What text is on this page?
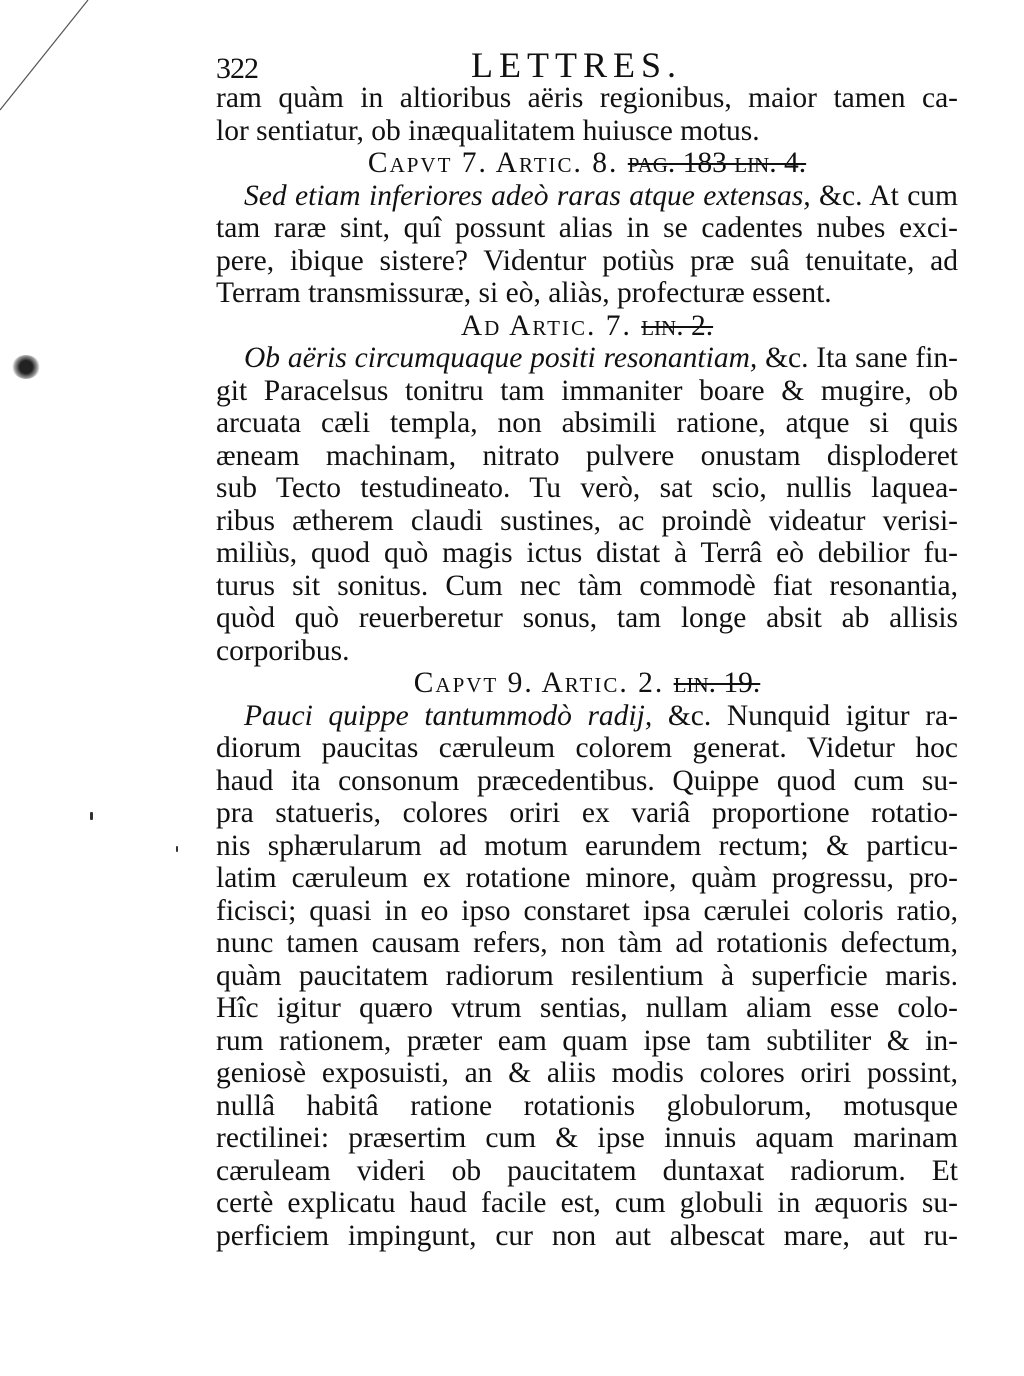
322	LETTRES.
ram quàm in altioribus aëris regionibus, maior tamen ca-
lor sentiatur, ob inæqualitatem huiusce motus.
Capvt 7. Artic. 8. pag. 183 lin. 4.
Sed etiam inferiores adeò raras atque extensas, &c. At cum
tam raræ sint, quî possunt alias in se cadentes nubes exci-
pere, ibique sistere? Videntur potiùs præ suâ tenuitate, ad
Terram transmissuræ, si eò, aliàs, profecturæ essent.
Ad Artic. 7. lin. 2.
Ob aëris circumquaque positi resonantiam, &c. Ita sane fin-
git Paracelsus tonitru tam immaniter boare & mugire, ob
arcuata cæli templa, non absimili ratione, atque si quis
æneam machinam, nitrato pulvere onustam disploderet
sub Tecto testudineato. Tu verò, sat scio, nullis laquea-
ribus ætherem claudi sustines, ac proindè videatur verisi-
miliùs, quod quò magis ictus distat à Terrâ eò debilior fu-
turus sit sonitus. Cum nec tàm commodè fiat resonantia,
quòd quò reuerberetur sonus, tam longe absit ab allisis
corporibus.
Capvt 9. Artic. 2. lin. 19.
Pauci quippe tantummodò radij, &c. Nunquid igitur ra-
diorum paucitas cæruleum colorem generat. Videtur hoc
haud ita consonum præcedentibus. Quippe quod cum su-
pra statueris, colores oriri ex variâ proportione rotatio-
nis sphærularum ad motum earundem rectum; & particu-
latim cæruleum ex rotatione minore, quàm progressu, pro-
ficisci; quasi in eo ipso constaret ipsa cærulei coloris ratio,
nunc tamen causam refers, non tàm ad rotationis defectum,
quàm paucitatem radiorum resilentium à superficie maris.
Hîc igitur quæro vtrum sentias, nullam aliam esse colo-
rum rationem, præter eam quam ipse tam subtiliter & in-
geniosè exposuisti, an & aliis modis colores oriri possint,
nullâ habitâ ratione rotationis globulorum, motusque
rectilinei: præsertim cum & ipse innuis aquam marinam
cæruleam videri ob paucitatem duntaxat radiorum. Et
certè explicatu haud facile est, cum globuli in æquoris su-
perficiem impingunt, cur non aut albescat mare, aut ru-
